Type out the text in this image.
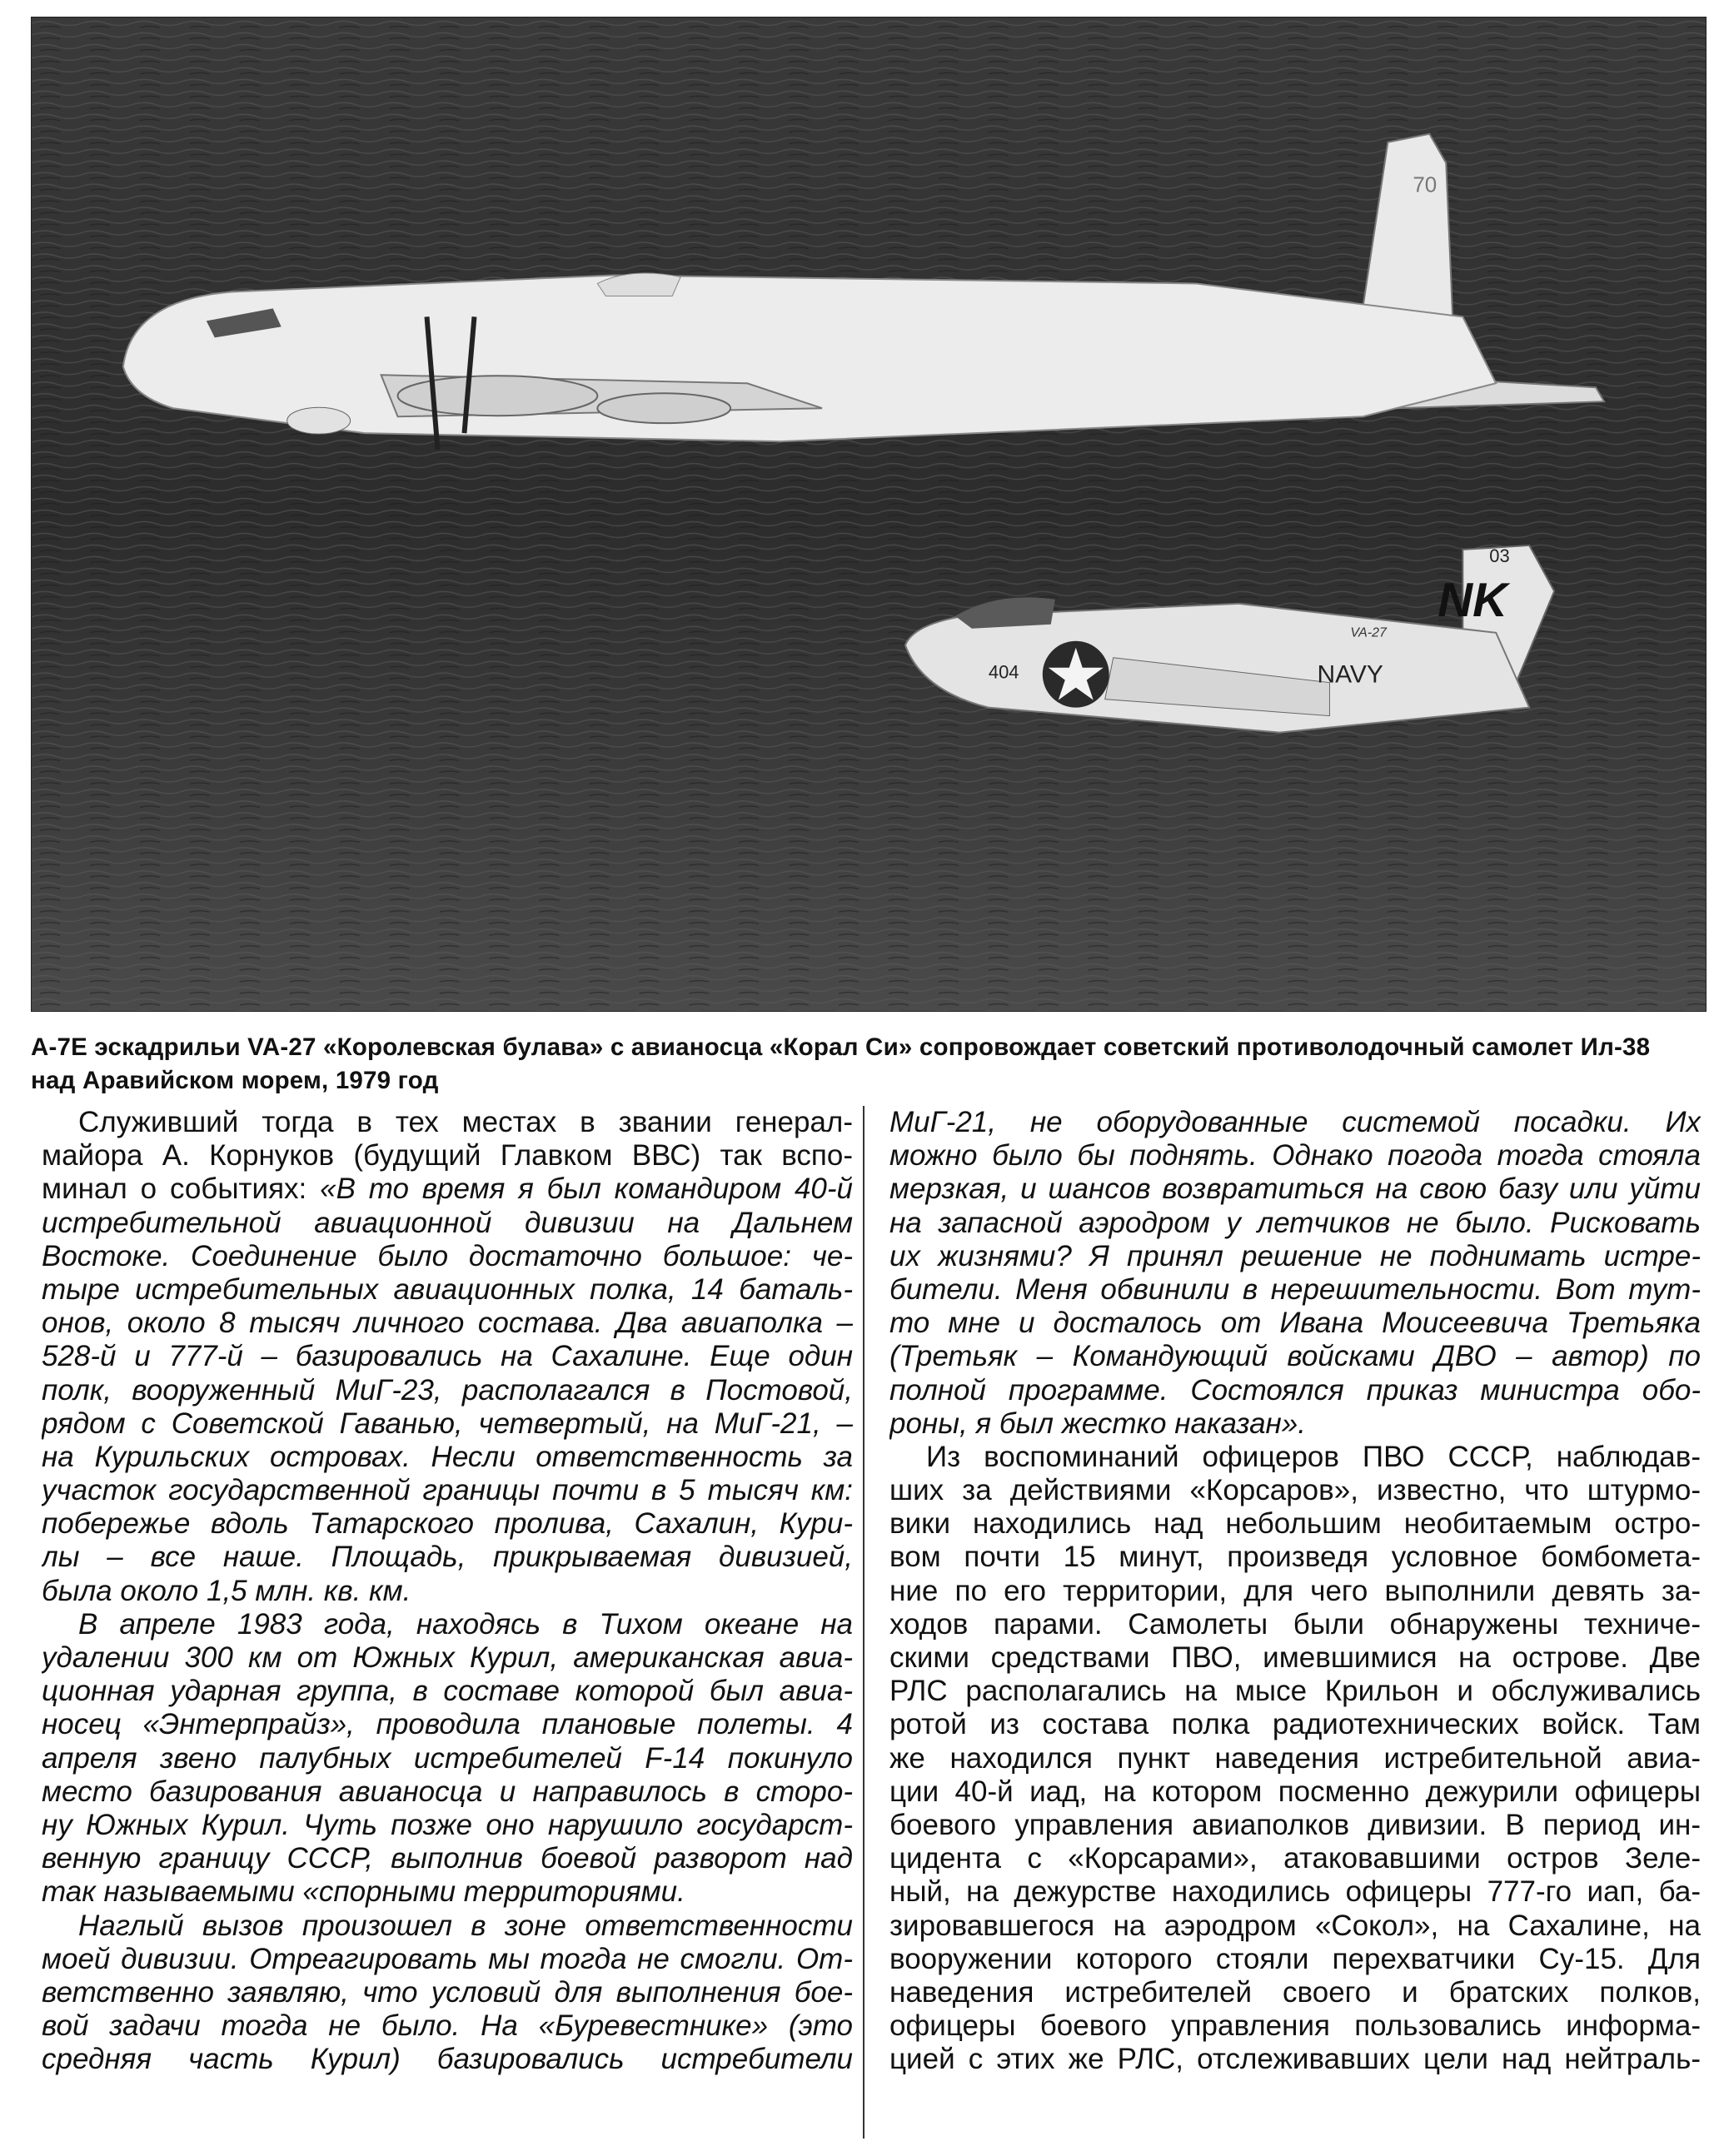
70
NK
03
404	NAVY
VA-27
А-7Е эскадрильи VA-27 «Королевская булава» с авианосца «Корал Си» сопровождает советский противолодочный самолет Ил-38
над Аравийском морем, 1979 год
Служивший тогда в тех местах в звании генерал-
майора А. Корнуков (будущий Главком ВВС) так вспо-
минал о событиях: «В то время я был командиром 40-й
истребительной авиационной дивизии на Дальнем
Востоке. Соединение было достаточно большое: че-
тыре истребительных авиационных полка, 14 баталь-
онов, около 8 тысяч личного состава. Два авиаполка –
528-й и 777-й – базировались на Сахалине. Еще один
полк, вооруженный МиГ-23, располагался в Постовой,
рядом с Советской Гаванью, четвертый, на МиГ-21, –
на Курильских островах. Несли ответственность за
участок государственной границы почти в 5 тысяч км:
побережье вдоль Татарского пролива, Сахалин, Кури-
лы – все наше. Площадь, прикрываемая дивизией,
была около 1,5 млн. кв. км.
В апреле 1983 года, находясь в Тихом океане на
удалении 300 км от Южных Курил, американская авиа-
ционная ударная группа, в составе которой был авиа-
носец «Энтерпрайз», проводила плановые полеты. 4
апреля звено палубных истребителей F-14 покинуло
место базирования авианосца и направилось в сторо-
ну Южных Курил. Чуть позже оно нарушило государст-
венную границу СССР, выполнив боевой разворот над
так называемыми «спорными территориями.
Наглый вызов произошел в зоне ответственности
моей дивизии. Отреагировать мы тогда не смогли. От-
ветственно заявляю, что условий для выполнения бое-
вой задачи тогда не было. На «Буревестнике» (это
средняя часть Курил) базировались истребители
МиГ-21, не оборудованные системой посадки. Их
можно было бы поднять. Однако погода тогда стояла
мерзкая, и шансов возвратиться на свою базу или уйти
на запасной аэродром у летчиков не было. Рисковать
их жизнями? Я принял решение не поднимать истре-
бители. Меня обвинили в нерешительности. Вот тут-
то мне и досталось от Ивана Моисеевича Третьяка
(Третьяк – Командующий войсками ДВО – автор) по
полной программе. Состоялся приказ министра обо-
роны, я был жестко наказан».
Из воспоминаний офицеров ПВО СССР, наблюдав-
ших за действиями «Корсаров», известно, что штурмо-
вики находились над небольшим необитаемым остро-
вом почти 15 минут, произведя условное бомбомета-
ние по его территории, для чего выполнили девять за-
ходов парами. Самолеты были обнаружены техниче-
скими средствами ПВО, имевшимися на острове. Две
РЛС располагались на мысе Крильон и обслуживались
ротой из состава полка радиотехнических войск. Там
же находился пункт наведения истребительной авиа-
ции 40-й иад, на котором посменно дежурили офицеры
боевого управления авиаполков дивизии. В период ин-
цидента с «Корсарами», атаковавшими остров Зеле-
ный, на дежурстве находились офицеры 777-го иап, ба-
зировавшегося на аэродром «Сокол», на Сахалине, на
вооружении которого стояли перехватчики Су-15. Для
наведения истребителей своего и братских полков,
офицеры боевого управления пользовались информа-
цией с этих же РЛС, отслеживавших цели над нейтраль-
